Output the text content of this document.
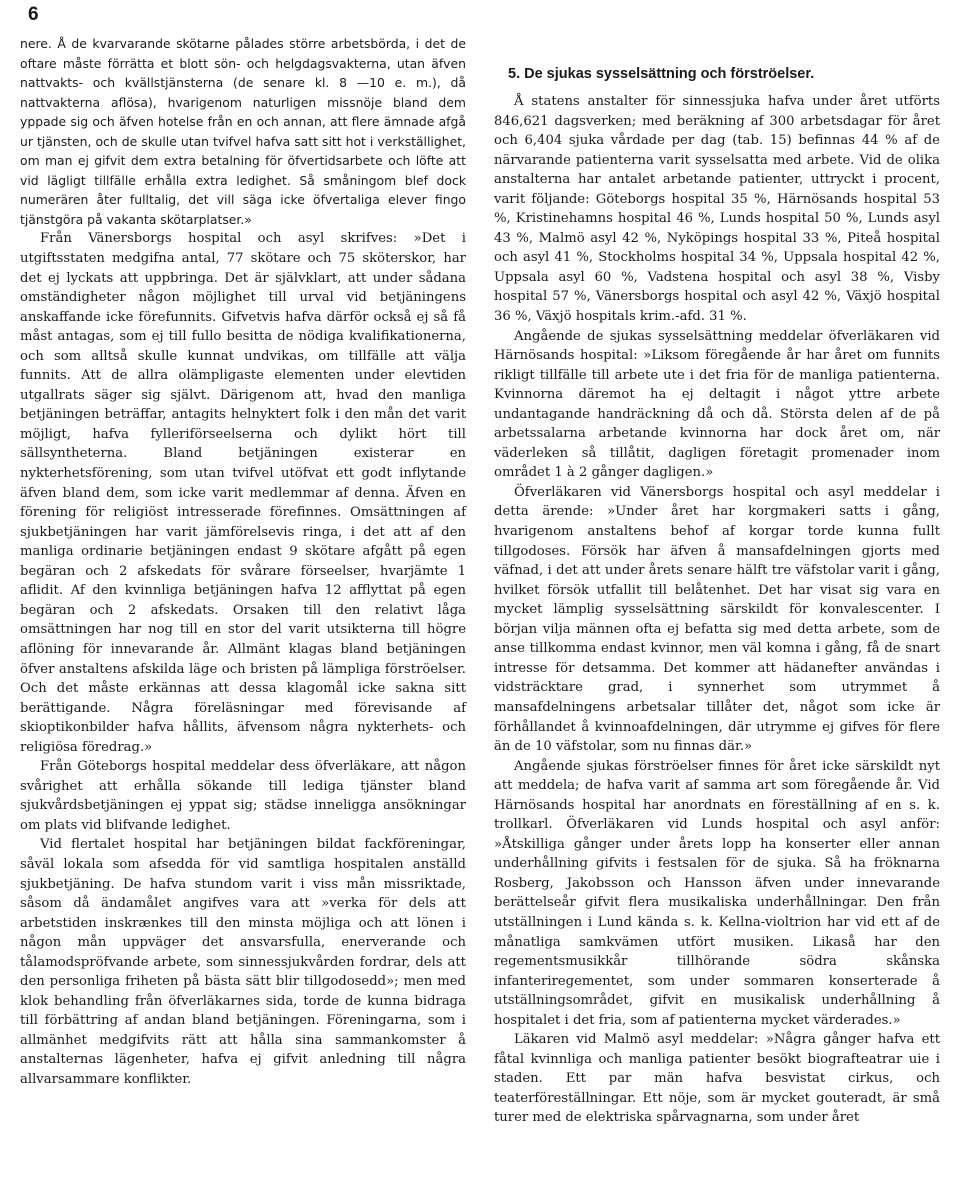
6

nere. Å de kvarvarande skötarne pålades större arbetsbörda, i det de oftare måste förrätta et blott sön- och helgdagsvakterna, utan äfven nattvakts- och kvällstjänsterna (de senare kl. 8 —10 e. m.), då nattvakterna aflösa), hvarigenom naturligen missnöje bland dem yppade sig och äfven hotelse från en och annan, att flere ämnade afgå ur tjänsten, och de skulle utan tvifvel hafva satt sitt hot i verkställighet, om man ej gifvit dem extra betalning för öfvertidsarbete och löfte att vid lägligt tillfälle erhålla extra ledighet. Så småningom blef dock numerären åter fulltalig, det vill säga icke öfvertaliga elever fingo tjänstgöra på vakanta skötarplatser.»

Från Vänersborgs hospital och asyl skrifves: »Det i utgiftsstaten medgifna antal, 77 skötare och 75 sköterskor, har det ej lyckats att uppbringa. Det är självklart, att under sådana omständigheter någon möjlighet till urval vid betjäningens anskaffande icke förefunnits. Gifvetvis hafva därför också ej så få måst antagas, som ej till fullo besitta de nödiga kvalifikationerna, och som alltså skulle kunnat undvikas, om tillfälle att välja funnits. Att de allra olämpligaste elementen under elevtiden utgallrats säger sig självt. Därigenom att, hvad den manliga betjäningen beträffar, antagits helnyktert folk i den mån det varit möjligt, hafva fylleriförseelserna och dylikt hört till sällsyntheterna. Bland betjäningen existerar en nykterhetsförening, som utan tvifvel utöfvat ett godt inflytande äfven bland dem, som icke varit medlemmar af denna. Äfven en förening för religiöst intresserade förefinnes. Omsättningen af sjukbetjäningen har varit jämförelsevis ringa, i det att af den manliga ordinarie betjäningen endast 9 skötare afgått på egen begäran och 2 afskedats för svårare förseelser, hvarjämte 1 aflidit. Af den kvinnliga betjäningen hafva 12 afflyttat på egen begäran och 2 afskedats. Orsaken till den relativt låga omsättningen har nog till en stor del varit utsikterna till högre aflöning för innevarande år. Allmänt klagas bland betjäningen öfver anstaltens afskilda läge och bristen på lämpliga förströelser. Och det måste erkännas att dessa klagomål icke sakna sitt berättigande. Några föreläsningar med förevisande af skioptikonbilder hafva hållits, äfvensom några nykterhets- och religiösa föredrag.»

Från Göteborgs hospital meddelar dess öfverläkare, att någon svårighet att erhålla sökande till lediga tjänster bland sjukvårdsbetjäningen ej yppat sig; städse inneligga ansökningar om plats vid blifvande ledighet.

Vid flertalet hospital har betjäningen bildat fackföreningar, såväl lokala som afsedda för vid samtliga hospitalen anställd sjukbetjäning. De hafva stundom varit i viss mån missriktade, såsom då ändamålet angifves vara att »verka för dels att arbetstiden inskrænkes till den minsta möjliga och att lönen i någon mån uppväger det ansvarsfulla, enerverande och tålamodspröfvande arbete, som sinnessjukvården fordrar, dels att den personliga friheten på bästa sätt blir tillgodosedd»; men med klok behandling från öfverläkarnes sida, torde de kunna bidraga till förbättring af andan bland betjäningen. Föreningarna, som i allmänhet medgifvits rätt att hålla sina sammankomster å anstalternas lägenheter, hafva ej gifvit anledning till några allvarsammare konflikter.

5. De sjukas sysselsättning och förströelser.

Å statens anstalter för sinnessjuka hafva under året utförts 846,621 dagsverken; med beräkning af 300 arbetsdagar för året och 6,404 sjuka vårdade per dag (tab. 15) befinnas 44 % af de närvarande patienterna varit sysselsatta med arbete. Vid de olika anstalterna har antalet arbetande patienter, uttryckt i procent, varit följande: Göteborgs hospital 35 %, Härnösands hospital 53 %, Kristinehamns hospital 46 %, Lunds hospital 50 %, Lunds asyl 43 %, Malmö asyl 42 %, Nyköpings hospital 33 %, Piteå hospital och asyl 41 %, Stockholms hospital 34 %, Uppsala hospital 42 %, Uppsala asyl 60 %, Vadstena hospital och asyl 38 %, Visby hospital 57 %, Vänersborgs hospital och asyl 42 %, Växjö hospital 36 %, Växjö hospitals krim.-afd. 31 %.

Angående de sjukas sysselsättning meddelar öfverläkaren vid Härnösands hospital: »Liksom föregående år har året om funnits rikligt tillfälle till arbete ute i det fria för de manliga patienterna. Kvinnorna däremot ha ej deltagit i något yttre arbete undantagande handräckning då och då. Största delen af de på arbetssalarna arbetande kvinnorna har dock året om, när väderleken så tillåtit, dagligen företagit promenader inom området 1 à 2 gånger dagligen.»

Öfverläkaren vid Vänersborgs hospital och asyl meddelar i detta ärende: »Under året har korgmakeri satts i gång, hvarigenom anstaltens behof af korgar torde kunna fullt tillgodoses. Försök har äfven å mansafdelningen gjorts med väfnad, i det att under årets senare hälft tre väfstolar varit i gång, hvilket försök utfallit till belåtenhet. Det har visat sig vara en mycket lämplig sysselsättning särskildt för konvalescenter. I början vilja männen ofta ej befatta sig med detta arbete, som de anse tillkomma endast kvinnor, men väl komna i gång, få de snart intresse för detsamma. Det kommer att hädanefter användas i vidsträcktare grad, i synnerhet som utrymmet å mansafdelningens arbetsalar tillåter det, något som icke är förhållandet å kvinnoafdelningen, där utrymme ej gifves för flere än de 10 väfstolar, som nu finnas där.»

Angående sjukas förströelser finnes för året icke särskildt nyt att meddela; de hafva varit af samma art som föregående år. Vid Härnösands hospital har anordnats en föreställning af en s. k. trollkarl. Öfverläkaren vid Lunds hospital och asyl anför: »Åtskilliga gånger under årets lopp ha konserter eller annan underhållning gifvits i festsalen för de sjuka. Så ha fröknarna Rosberg, Jakobsson och Hansson äfven under innevarande berättelseår gifvit flera musikaliska underhållningar. Den från utställningen i Lund kända s. k. Kellna-violtrion har vid ett af de månatliga samkvämen utfört musiken. Likaså har den regementsmusikkår tillhörande södra skånska infanteriregementet, som under sommaren konserterade å utställningsområdet, gifvit en musikalisk underhållning å hospitalet i det fria, som af patienterna mycket värderades.»

Läkaren vid Malmö asyl meddelar: »Några gånger hafva ett fåtal kvinnliga och manliga patienter besökt biografteatrar uie i staden. Ett par män hafva besvistat cirkus, och teaterföreställningar. Ett nöje, som är mycket gouteradt, är små turer med de elektriska spårvagnarna, som under året
